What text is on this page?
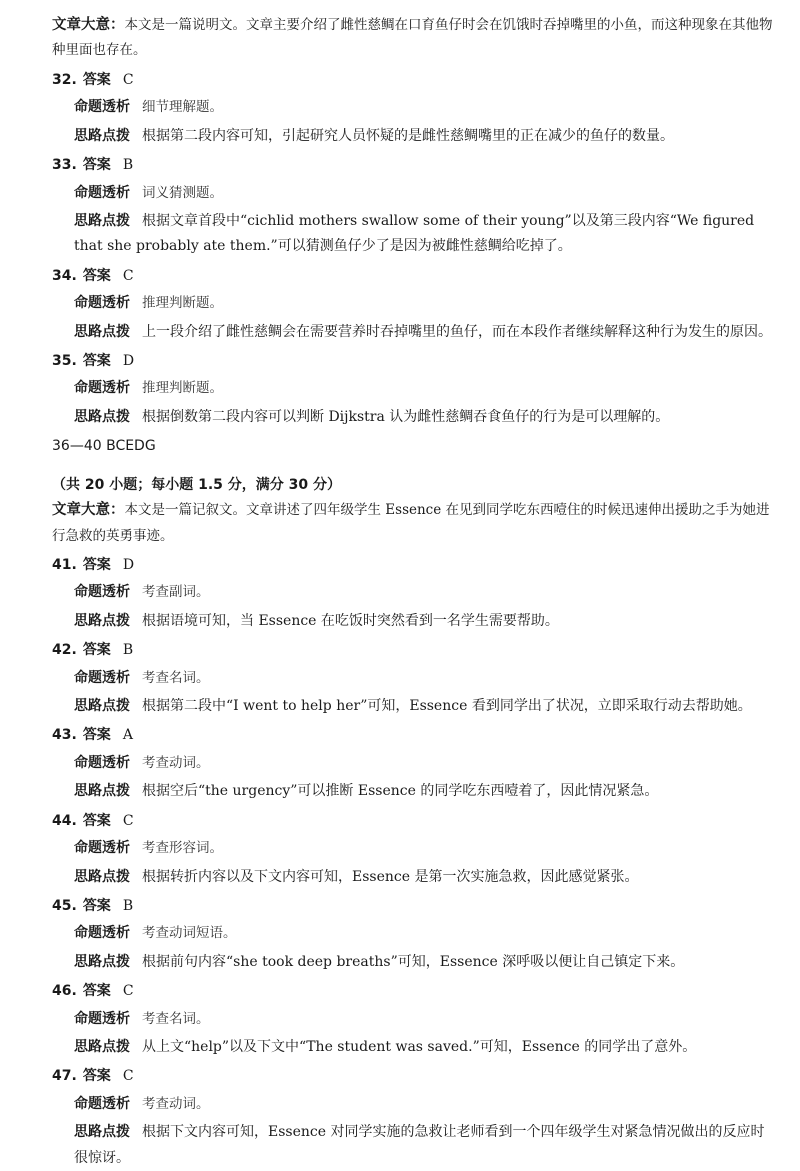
文章大意：本文是一篇说明文。文章主要介绍了雌性慈鲷在口育鱼仔时会在饥饿时吞掉嘴里的小鱼，而这种现象在其他物种里面也存在。

32. 答案 C

命题透析 细节理解题。

思路点拨 根据第二段内容可知，引起研究人员怀疑的是雌性慈鲷嘴里的正在减少的鱼仔的数量。

33. 答案 B

命题透析 词义猜测题。

思路点拨 根据文章首段中“cichlid mothers swallow some of their young”以及第三段内容“We figured that she probably ate them.”可以猜测鱼仔少了是因为被雌性慈鲷给吃掉了。

34. 答案 C

命题透析 推理判断题。

思路点拨 上一段介绍了雌性慈鲷会在需要营养时吞掉嘴里的鱼仔，而在本段作者继续解释这种行为发生的原因。

35. 答案 D

命题透析 推理判断题。

思路点拨 根据倒数第二段内容可以判断 Dijkstra 认为雌性慈鲷吞食鱼仔的行为是可以理解的。

36—40 BCEDG

（共 20 小题；每小题 1.5 分，满分 30 分）

文章大意：本文是一篇记叙文。文章讲述了四年级学生 Essence 在见到同学吃东西噎住的时候迅速伸出援助之手为她进行急救的英勇事迹。

41. 答案 D

命题透析 考查副词。

思路点拨 根据语境可知，当 Essence 在吃饭时突然看到一名学生需要帮助。

42. 答案 B

命题透析 考查名词。

思路点拨 根据第二段中“I went to help her”可知，Essence 看到同学出了状况，立即采取行动去帮助她。

43. 答案 A

命题透析 考查动词。

思路点拨 根据空后“the urgency”可以推断 Essence 的同学吃东西噎着了，因此情况紧急。

44. 答案 C

命题透析 考查形容词。

思路点拨 根据转折内容以及下文内容可知，Essence 是第一次实施急救，因此感觉紧张。

45. 答案 B

命题透析 考查动词短语。

思路点拨 根据前句内容“she took deep breaths”可知，Essence 深呼吸以便让自己镇定下来。

46. 答案 C

命题透析 考查名词。

思路点拨 从上文“help”以及下文中“The student was saved.”可知，Essence 的同学出了意外。

47. 答案 C

命题透析 考查动词。

思路点拨 根据下文内容可知，Essence 对同学实施的急救让老师看到一个四年级学生对紧急情况做出的反应时很惊讶。
